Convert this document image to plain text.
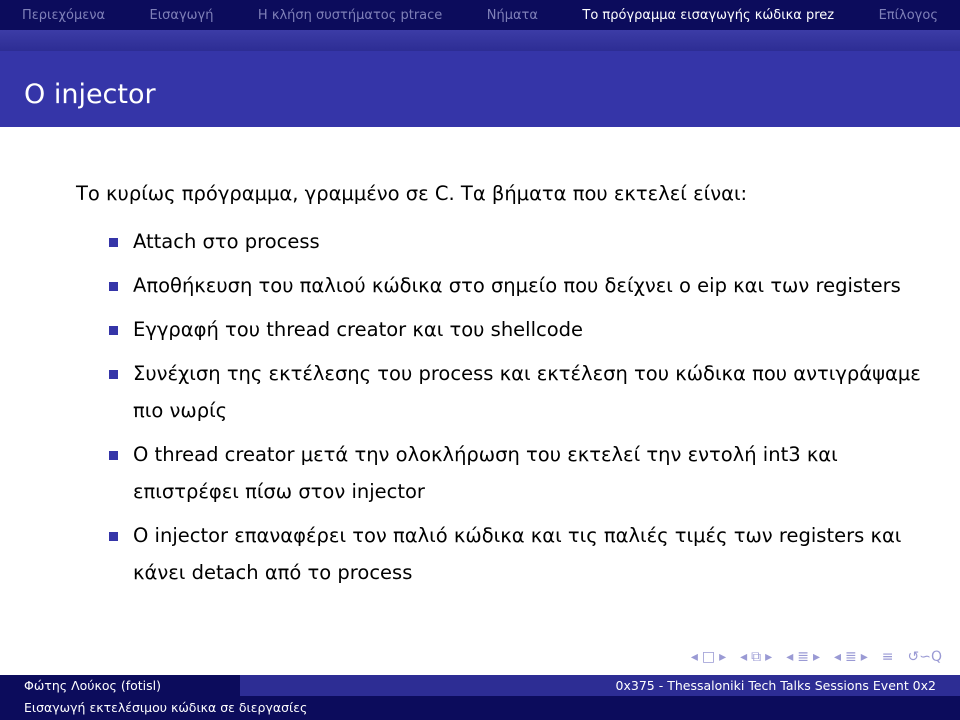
Περιεχόμενα	Εισαγωγή	Η κλήση συστήματος ptrace	Νήματα	Το πρόγραμμα εισαγωγής κώδικα prez	Επίλογος
O injector

Το κυρίως πρόγραμμα, γραμμένο σε C. Τα βήματα που εκτελεί είναι:

Attach στο process
Αποθήκευση του παλιού κώδικα στο σημείο που δείχνει ο eip και των registers
Εγγραφή του thread creator και του shellcode
Συνέχιση της εκτέλεσης του process και εκτέλεση του κώδικα που αντιγράψαμε πιο νωρίς
O thread creator μετά την ολοκλήρωση του εκτελεί την εντολή int3 και επιστρέφει πίσω στον injector
O injector επαναφέρει τον παλιό κώδικα και τις παλιές τιμές των registers και κάνει detach από το process
◂ □ ▸ ◂ ⧉ ▸ ◂ ≣ ▸ ◂ ≣ ▸ ≡ ↺∽Q
Φώτης Λούκος (fotisl)	0x375 - Thessaloniki Tech Talks Sessions Event 0x2
Εισαγωγή εκτελέσιμου κώδικα σε διεργασίες
